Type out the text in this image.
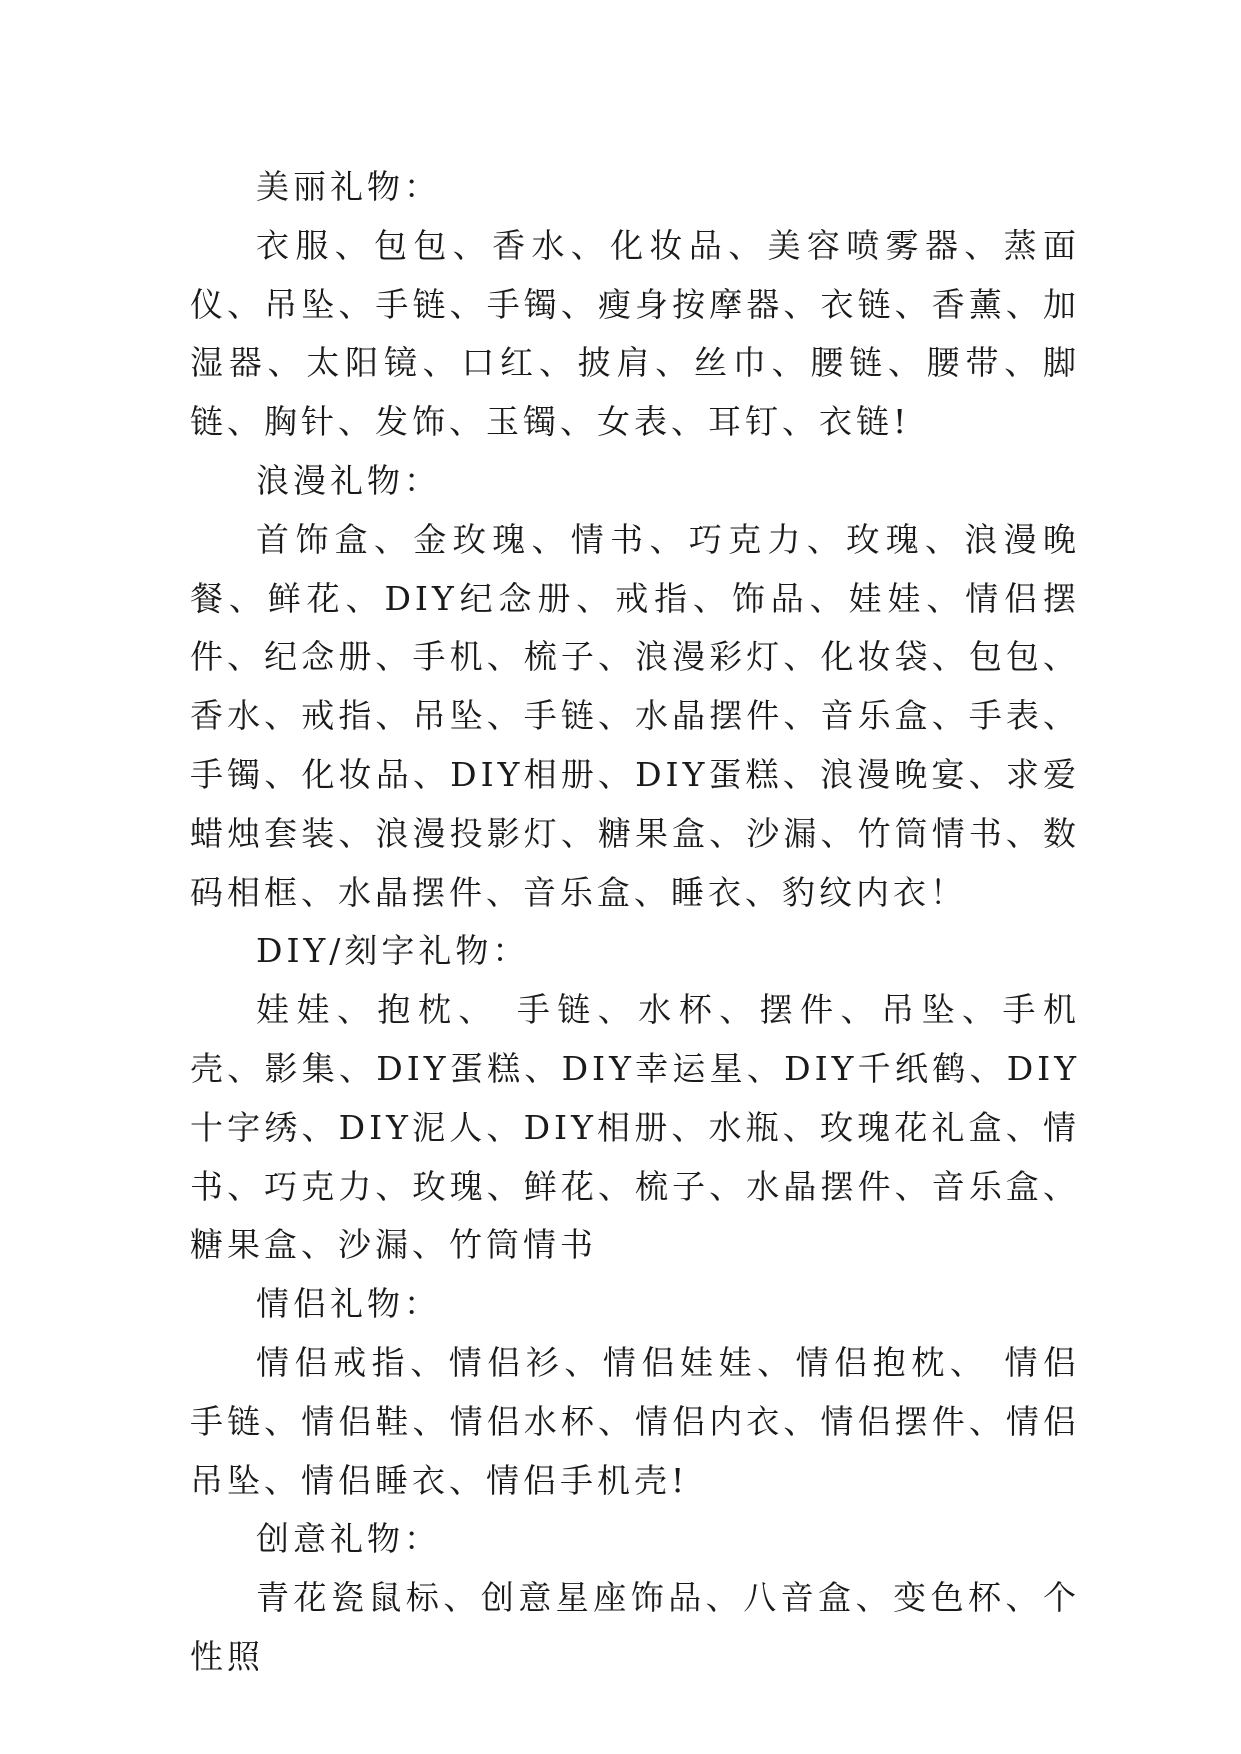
美丽礼物：

衣服、包包、香水、化妆品、美容喷雾器、蒸面仪、吊坠、手链、手镯、瘦身按摩器、衣链、香薰、加湿器、太阳镜、口红、披肩、丝巾、腰链、腰带、脚链、胸针、发饰、玉镯、女表、耳钉、衣链!

浪漫礼物：

首饰盒、金玫瑰、情书、巧克力、玫瑰、浪漫晚餐、鲜花、DIY纪念册、戒指、饰品、娃娃、情侣摆件、纪念册、手机、梳子、浪漫彩灯、化妆袋、包包、香水、戒指、吊坠、手链、水晶摆件、音乐盒、手表、手镯、化妆品、DIY相册、DIY蛋糕、浪漫晚宴、求爱蜡烛套装、浪漫投影灯、糖果盒、沙漏、竹筒情书、数码相框、水晶摆件、音乐盒、睡衣、豹纹内衣！

DIY/刻字礼物：

娃娃、抱枕、 手链、水杯、摆件、吊坠、手机壳、影集、DIY蛋糕、DIY幸运星、DIY千纸鹤、DIY十字绣、DIY泥人、DIY相册、水瓶、玫瑰花礼盒、情书、巧克力、玫瑰、鲜花、梳子、水晶摆件、音乐盒、糖果盒、沙漏、竹筒情书

情侣礼物：

情侣戒指、情侣衫、情侣娃娃、情侣抱枕、 情侣手链、情侣鞋、情侣水杯、情侣内衣、情侣摆件、情侣吊坠、情侣睡衣、情侣手机壳!

创意礼物：

青花瓷鼠标、创意星座饰品、八音盒、变色杯、个性照
